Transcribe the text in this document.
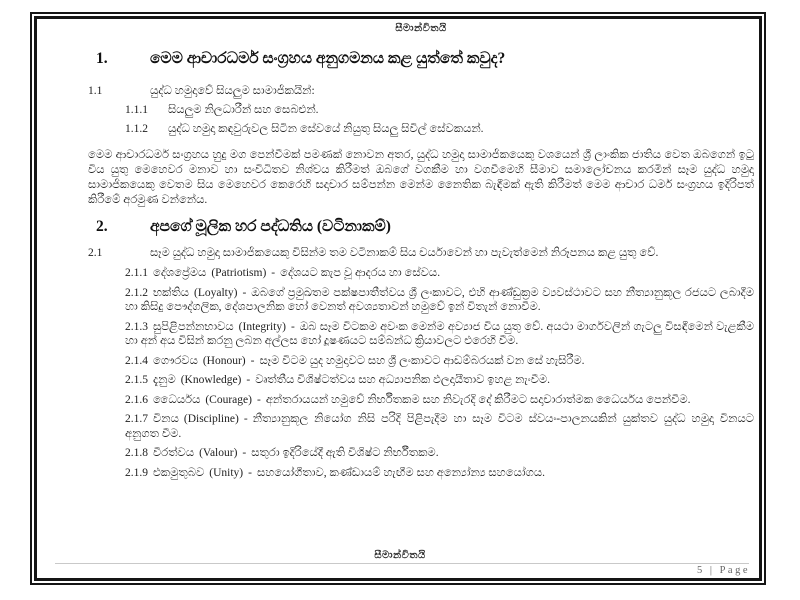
සීමාන්විතයි
1.	මෙම ආචාරධර්ම සංග්‍රහය අනුගමනය කළ යුත්තේ කවුද?
1.1	යුද්ධ හමුදාවේ සියලුම සාමාජිකයින්:
1.1.1 සියලුම නිලධාරීන් සහ සෙබළුන්.
1.1.2 යුද්ධ හමුදා කඳවුරුවල සිටින සේවයේ නියුතු සියලු සිවිල් සේවකයන්.
මෙම ආචාරධර්ම සංග්‍රහය හුදු මග පෙන්වීමක් පමණක් නොවන අතර, යුද්ධ හමුදා සාමාජිකයෙකු වශයෙන් ශ්‍රී ලාංකික ජාතිය වෙත ඔබගෙන් ඉටු විය යුතු මෙහෙවර මනාව හා සංවිධිතව නිශ්චය කිරීමත් ඔබගේ වගකීම හා වගවීමෙහි සීමාව සමාලෝචනය කරමින් සෑම යුද්ධ හමුදා සාමාජිකයෙකු වෙතම සිය මෙහෙවර කෙරෙහි සදාචාර සම්පන්න මෙන්ම නෛතික බැඳීමක් ඇති කිරීමත් මෙම ආචාර ධර්ම සංග්‍රහය ඉදිරිපත් කිරීමේ අරමුණ වන්නේය.
2.	අපගේ මූලික හර පද්ධතිය (වටිනාකම්)
2.1	සෑම යුද්ධ හමුදා සාමාජිකයෙකු විසින්ම තම වටිනාකම් සිය චර්යාවෙන් හා පැවැත්මෙන් නිරූපනය කළ යුතු වේ.
2.1.1 දේශප්‍රේමය (Patriotism) - දේශයට කැප වූ ආදරය හා සේවය.
2.1.2 භක්තිය (Loyalty) - ඔබගේ ප්‍රමුඛතම පක්ෂපාතීත්වය ශ්‍රී ලංකාවට, එහි ආණ්ඩුක්‍රම ව්‍යවස්ථාවට සහ නීත්‍යානුකූල රජයට ලබාදීම හා කිසිදු පෞද්ගලික, දේශපාලනික හෝ වෙනත් අවශ්‍යතාවන් හමුවේ ඉන් විතැන් නොවීම.
2.1.3 සුපිළිපන්නභාවය (Integrity) - ඔබ සෑම විටකම අවංක මෙන්ම අව්‍යාජ විය යුතු වේ. අයථා මාර්ගවලින් ගැටලු විසඳීමෙන් වැළකීම හා අන් අය විසින් කරනු ලබන අල්ලස හෝ දූෂණයට සම්බන්ධ ක්‍රියාවලට එරෙහි වීම.
2.1.4 ගෞරවය (Honour) - සෑම විටම යුද හමුදාවට සහ ශ්‍රී ලංකාවට ආඩම්බරයක් වන සේ හැසිරීම.
2.1.5 දැනුම (Knowledge) - වෘත්තීය විශිෂ්ටත්වය සහ අධ්‍යාපනික ඵලදායීතාව ඉහළ නැංවීම.
2.1.6 ධෛර්යය (Courage) - අන්තරායයන් හමුවේ නිර්භීතකම සහ නිවැරදි දේ කිරීමට සදාචාරාත්මක ධෛර්යය පෙන්වීම.
2.1.7 විනය (Discipline) - නීත්‍යානුකූල නියෝග නිසි පරිදි පිළිපැදීම හා සෑම විටම ස්වයං-පාලනයකින් යුක්තව යුද්ධ හමුදා විනයට අනුගත වීම.
2.1.8 වීරත්වය (Valour) - සතුරා ඉදිරියේදී ඇති විශිෂ්ට නිර්භීතකම.
2.1.9 එකමුතුබව (Unity) - සහයෝගීතාව, කණ්ඩායම් හැඟීම සහ අන්‍යෝන්‍ය සහයෝගය.
සීමාන්විතයි
5 | Page
